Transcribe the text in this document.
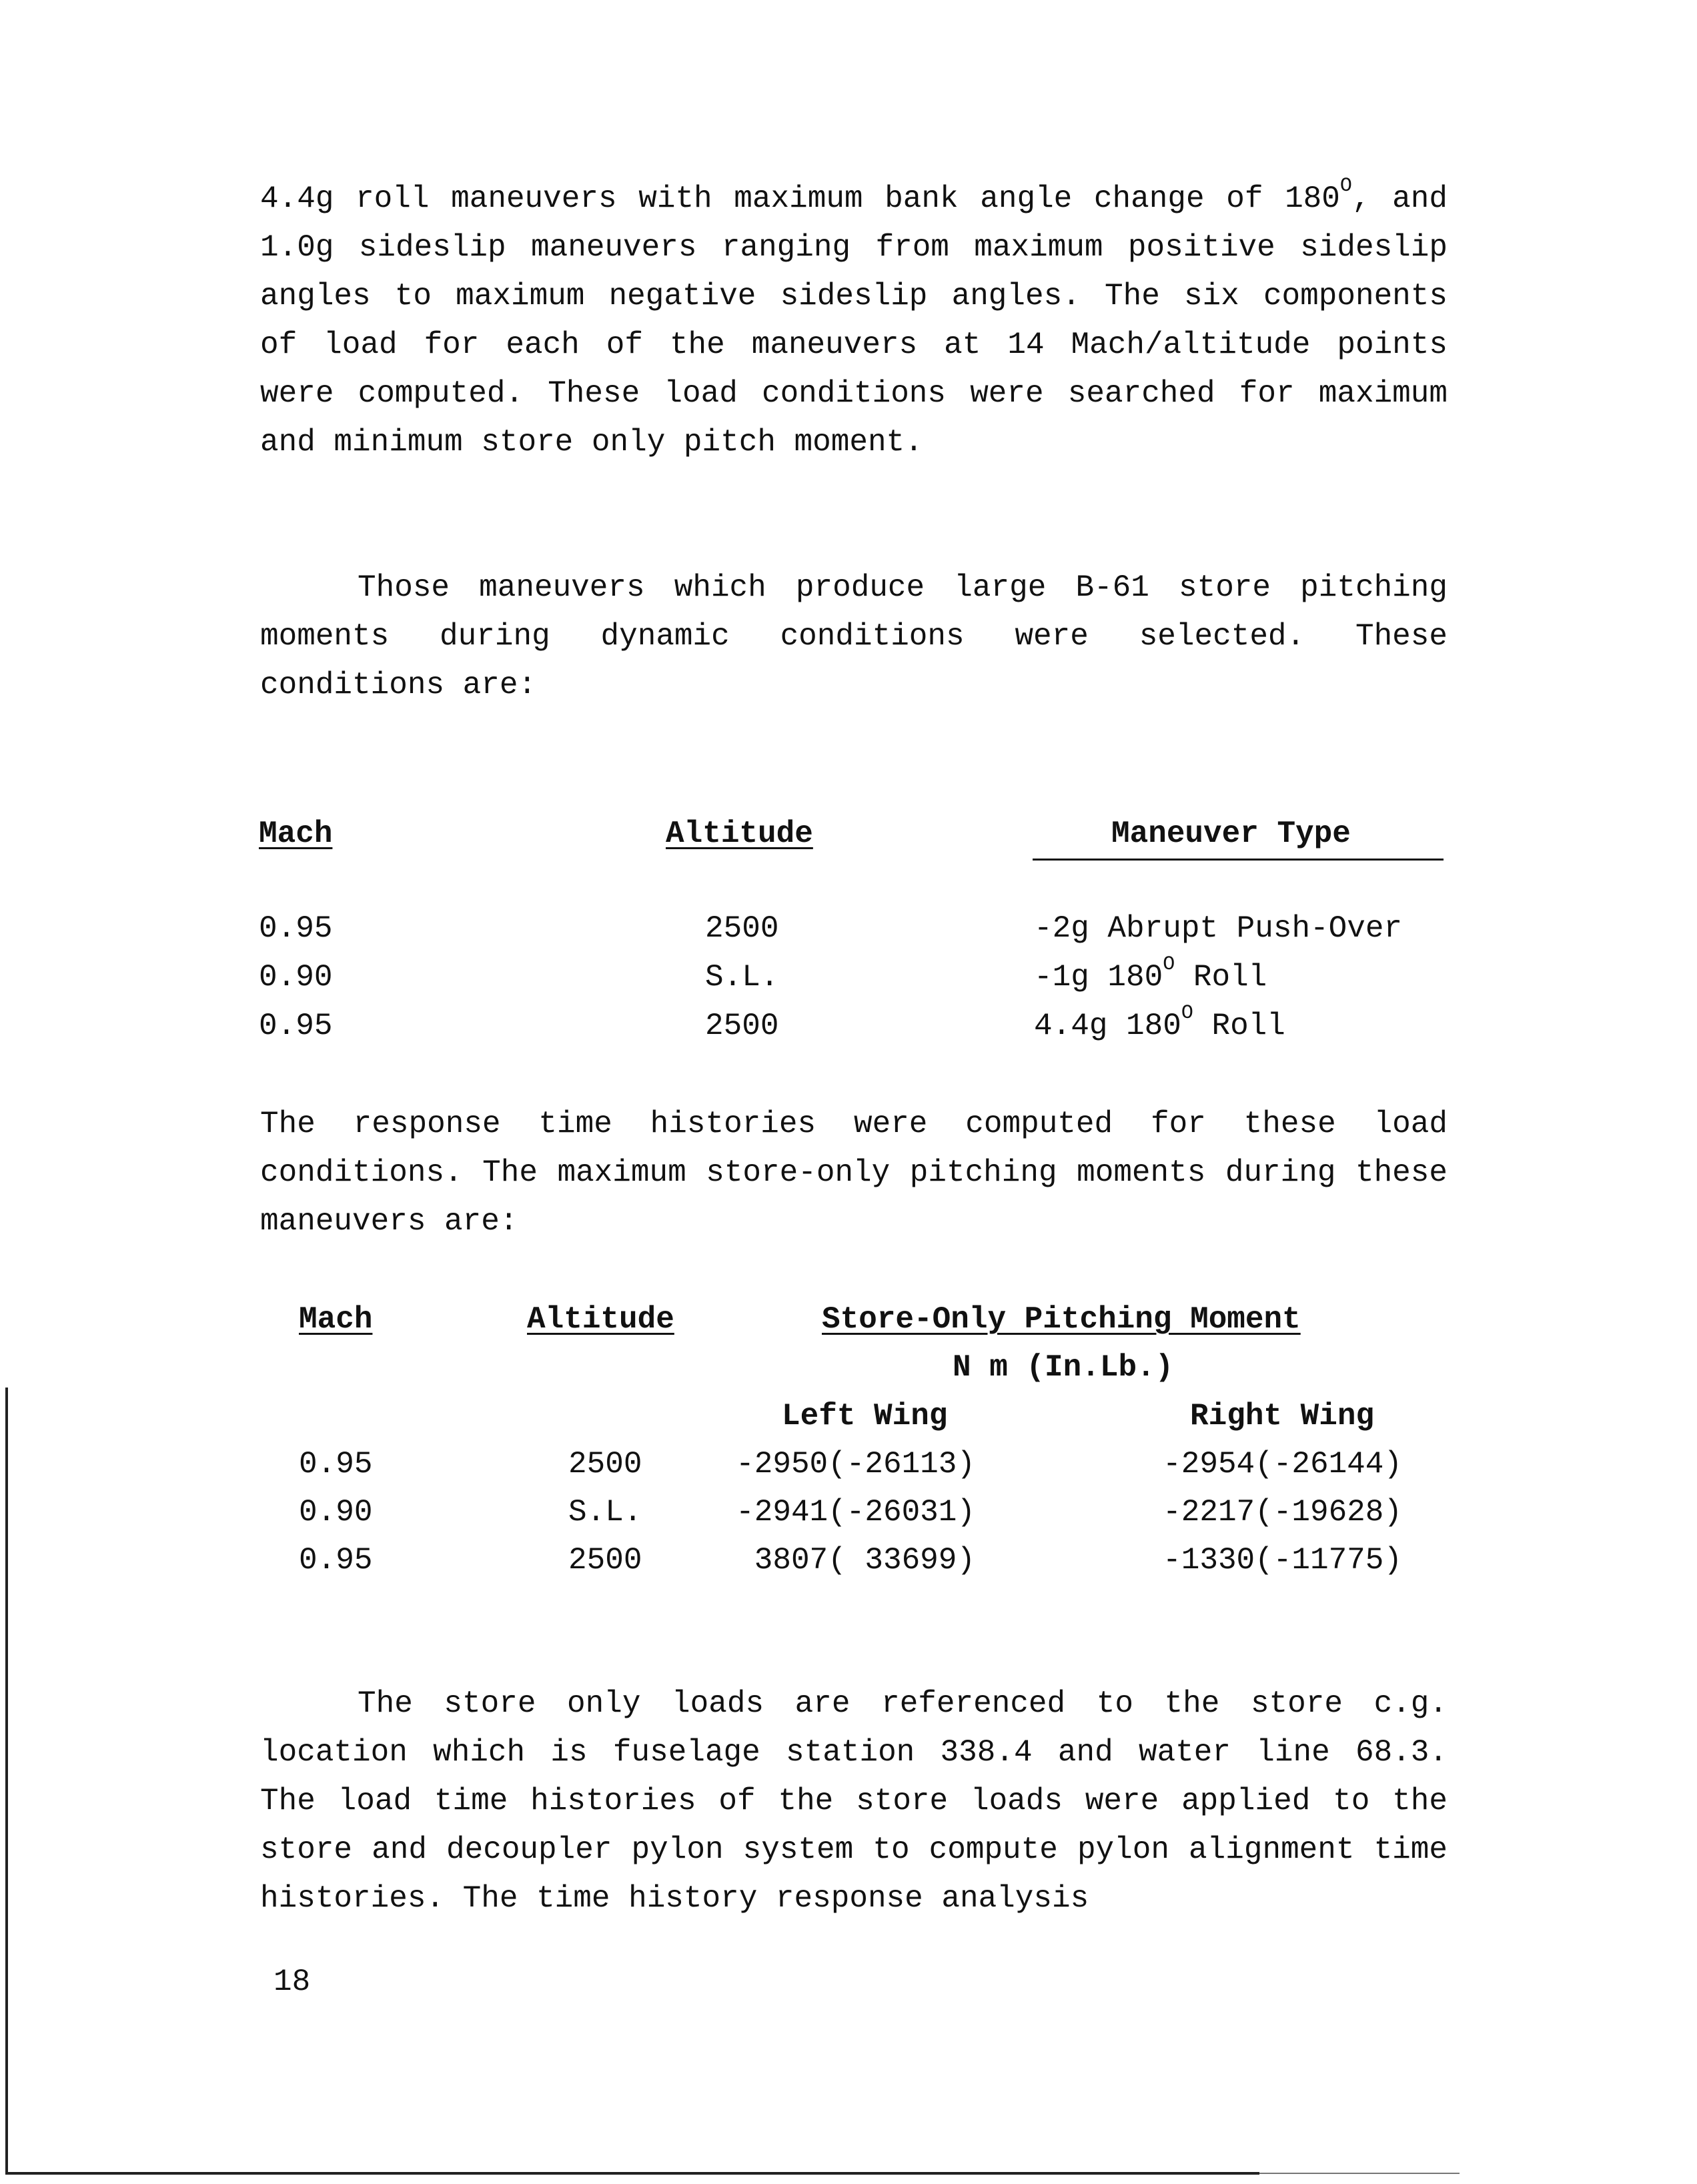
4.4g roll maneuvers with maximum bank angle change of $180^O$, and 1.0g sideslip maneuvers ranging from maximum positive sideslip angles to maximum negative sideslip angles. The six components of load for each of the maneuvers at 14 Mach/altitude points were computed. These load conditions were searched for maximum and minimum store only pitch moment.

Those maneuvers which produce large B-61 store pitching moments during dynamic conditions were selected. These conditions are:

Mach	Altitude	Maneuver Type
0.95	2500	-2g Abrupt Push-Over
0.90	S.L.	-1g $180^O$ Roll
0.95	2500	4.4g $180^O$ Roll

The response time histories were computed for these load conditions. The maximum store-only pitching moments during these maneuvers are:

Mach	Altitude	Store-Only Pitching Moment
N m (In.Lb.)
Left Wing	Right Wing
0.95	2500	-2950(-26113)	-2954(-26144)
0.90	S.L.	-2941(-26031)	-2217(-19628)
0.95	2500	3807( 33699)	-1330(-11775)

The store only loads are referenced to the store c.g. location which is fuselage station 338.4 and water line 68.3. The load time histories of the store loads were applied to the store and decoupler pylon system to compute pylon alignment time histories. The time history response analysis

18
